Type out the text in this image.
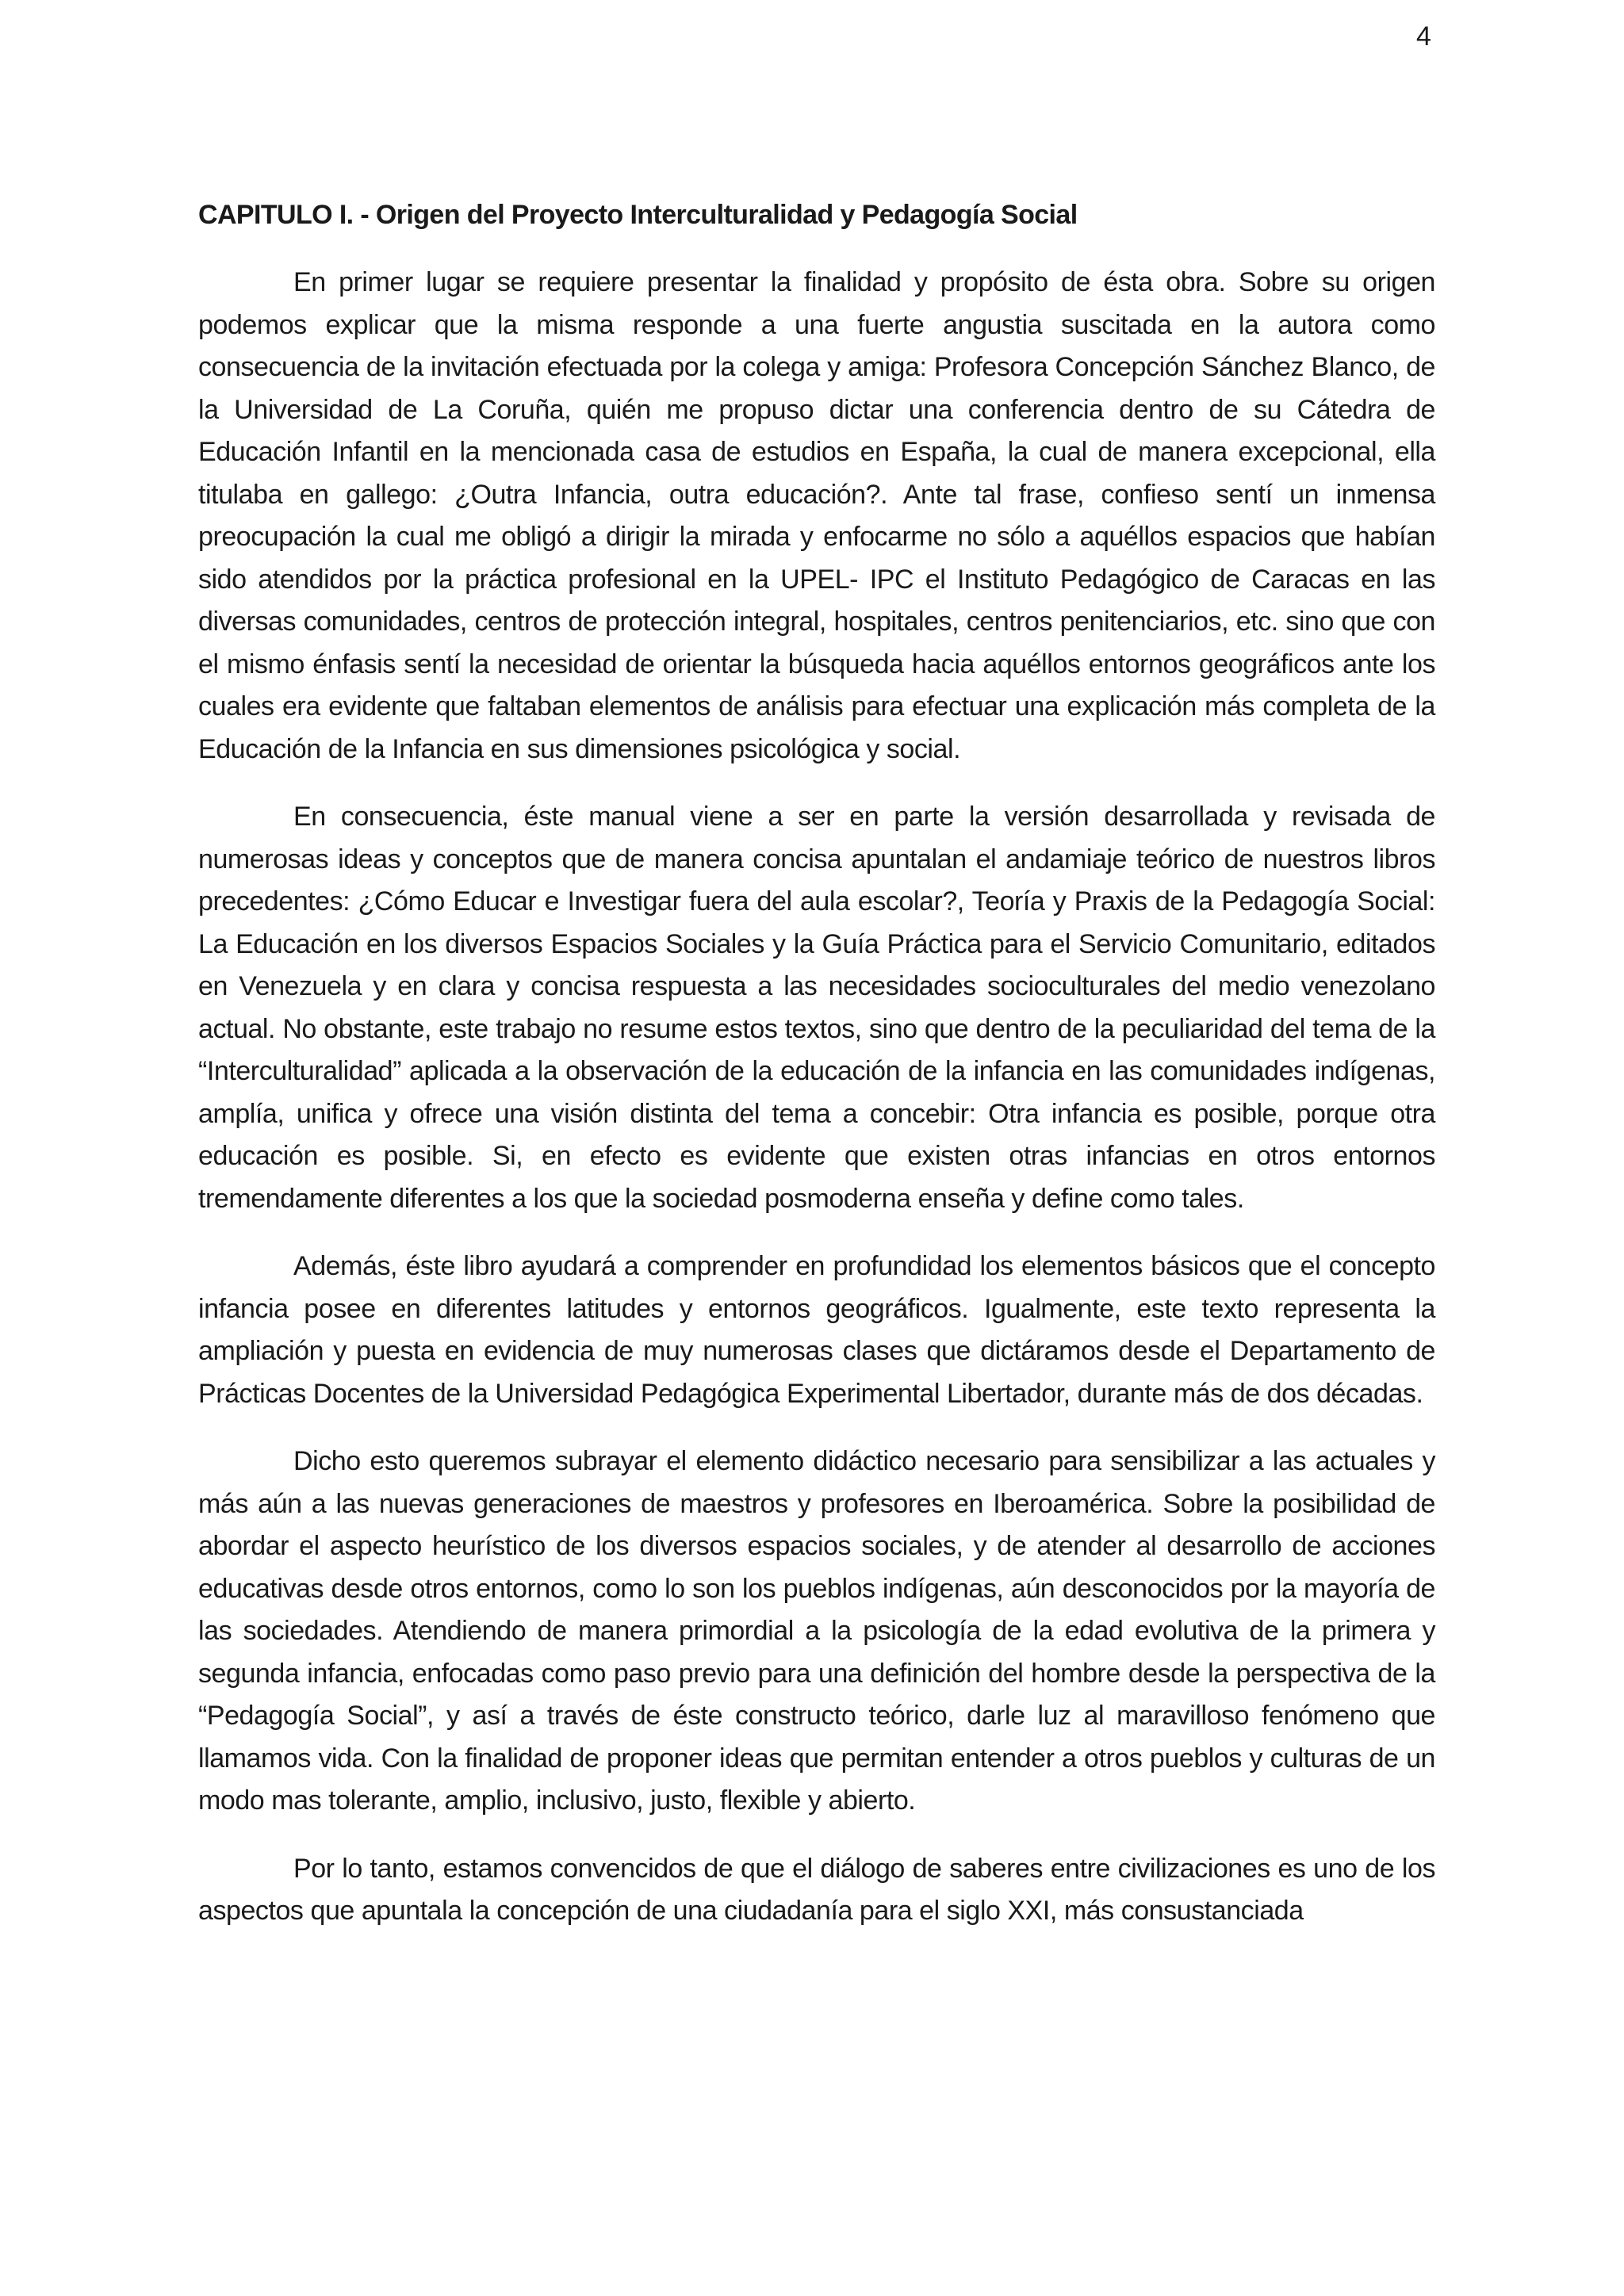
4
CAPITULO I. - Origen del Proyecto Interculturalidad y Pedagogía Social

En primer lugar se requiere presentar la finalidad y propósito de ésta obra. Sobre su origen podemos explicar que la misma responde a una fuerte angustia suscitada en la autora como consecuencia de la invitación efectuada por la colega y amiga: Profesora Concepción Sánchez Blanco, de la Universidad de La Coruña, quién me propuso dictar una conferencia dentro de su Cátedra de Educación Infantil en la mencionada casa de estudios en España, la cual de manera excepcional, ella titulaba en gallego: ¿Outra Infancia, outra educación?. Ante tal frase, confieso sentí un inmensa preocupación la cual me obligó a dirigir la mirada y enfocarme no sólo a aquéllos espacios que habían sido atendidos por la práctica profesional en la UPEL- IPC el Instituto Pedagógico de Caracas en las diversas comunidades, centros de protección integral, hospitales, centros penitenciarios, etc. sino que con el mismo énfasis sentí la necesidad de orientar la búsqueda hacia aquéllos entornos geográficos ante los cuales era evidente que faltaban elementos de análisis para efectuar una explicación más completa de la Educación de la Infancia en sus dimensiones psicológica y social.

En consecuencia, éste manual viene a ser en parte la versión desarrollada y revisada de numerosas ideas y conceptos que de manera concisa apuntalan el andamiaje teórico de nuestros libros precedentes: ¿Cómo Educar e Investigar fuera del aula escolar?, Teoría y Praxis de la Pedagogía Social: La Educación en los diversos Espacios Sociales y la Guía Práctica para el Servicio Comunitario, editados en Venezuela y en clara y concisa respuesta a las necesidades socioculturales del medio venezolano actual. No obstante, este trabajo no resume estos textos, sino que dentro de la peculiaridad del tema de la “Interculturalidad” aplicada a la observación de la educación de la infancia en las comunidades indígenas, amplía, unifica y ofrece una visión distinta del tema a concebir: Otra infancia es posible, porque otra educación es posible. Si, en efecto es evidente que existen otras infancias en otros entornos tremendamente diferentes a los que la sociedad posmoderna enseña y define como tales.

Además, éste libro ayudará a comprender en profundidad los elementos básicos que el concepto infancia posee en diferentes latitudes y entornos geográficos. Igualmente, este texto representa la ampliación y puesta en evidencia de muy numerosas clases que dictáramos desde el Departamento de Prácticas Docentes de la Universidad Pedagógica Experimental Libertador, durante más de dos décadas.

Dicho esto queremos subrayar el elemento didáctico necesario para sensibilizar a las actuales y más aún a las nuevas generaciones de maestros y profesores en Iberoamérica. Sobre la posibilidad de abordar el aspecto heurístico de los diversos espacios sociales, y de atender al desarrollo de acciones educativas desde otros entornos, como lo son los pueblos indígenas, aún desconocidos por la mayoría de las sociedades. Atendiendo de manera primordial a la psicología de la edad evolutiva de la primera y segunda infancia, enfocadas como paso previo para una definición del hombre desde la perspectiva de la “Pedagogía Social”, y así a través de éste constructo teórico, darle luz al maravilloso fenómeno que llamamos vida. Con la finalidad de proponer ideas que permitan entender a otros pueblos y culturas de un modo mas tolerante, amplio, inclusivo, justo, flexible y abierto.

Por lo tanto, estamos convencidos de que el diálogo de saberes entre civilizaciones es uno de los aspectos que apuntala la concepción de una ciudadanía para el siglo XXI, más consustanciada
